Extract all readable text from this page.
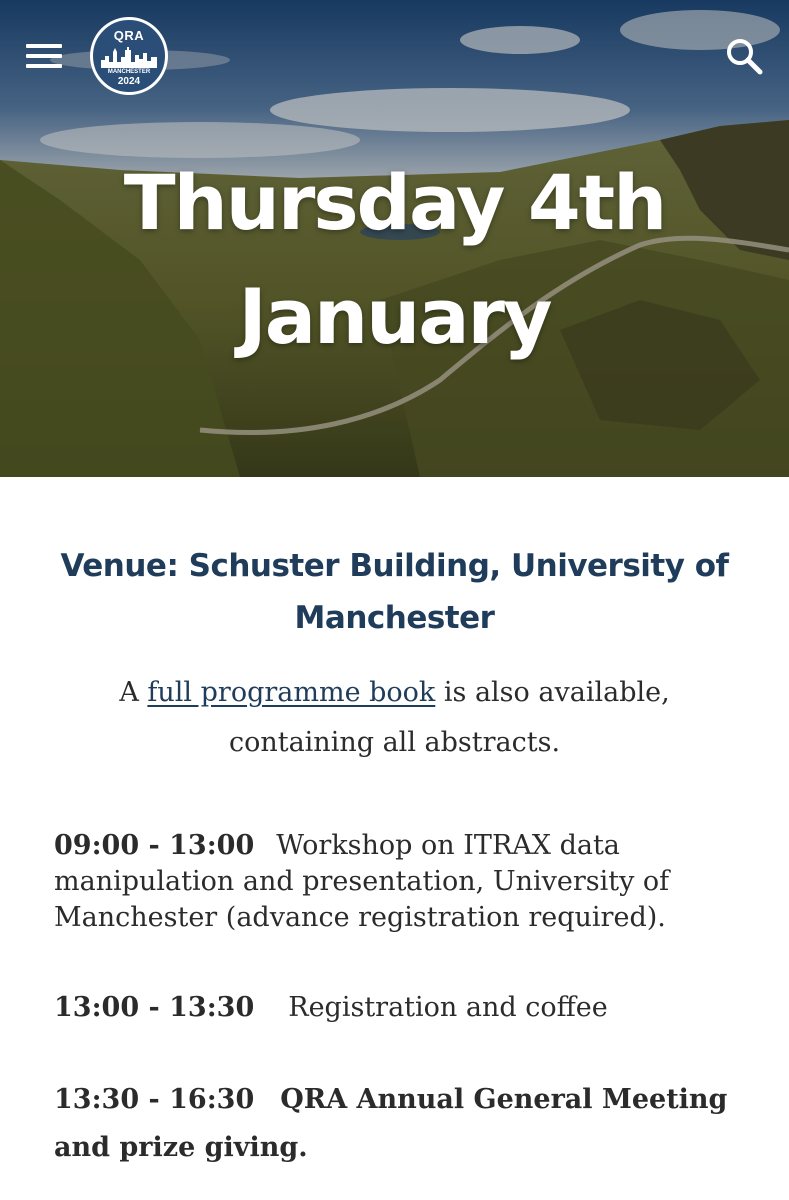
QRA
MANCHESTER
2024
Thursday 4th
January
Venue: Schuster Building, University of
Manchester
A full programme book is also available,
containing all abstracts.
09:00 - 13:00 Workshop on ITRAX data manipulation and presentation, University of Manchester (advance registration required).
13:00 - 13:30 Registration and coffee
13:30 - 16:30 QRA Annual General Meeting and prize giving.
